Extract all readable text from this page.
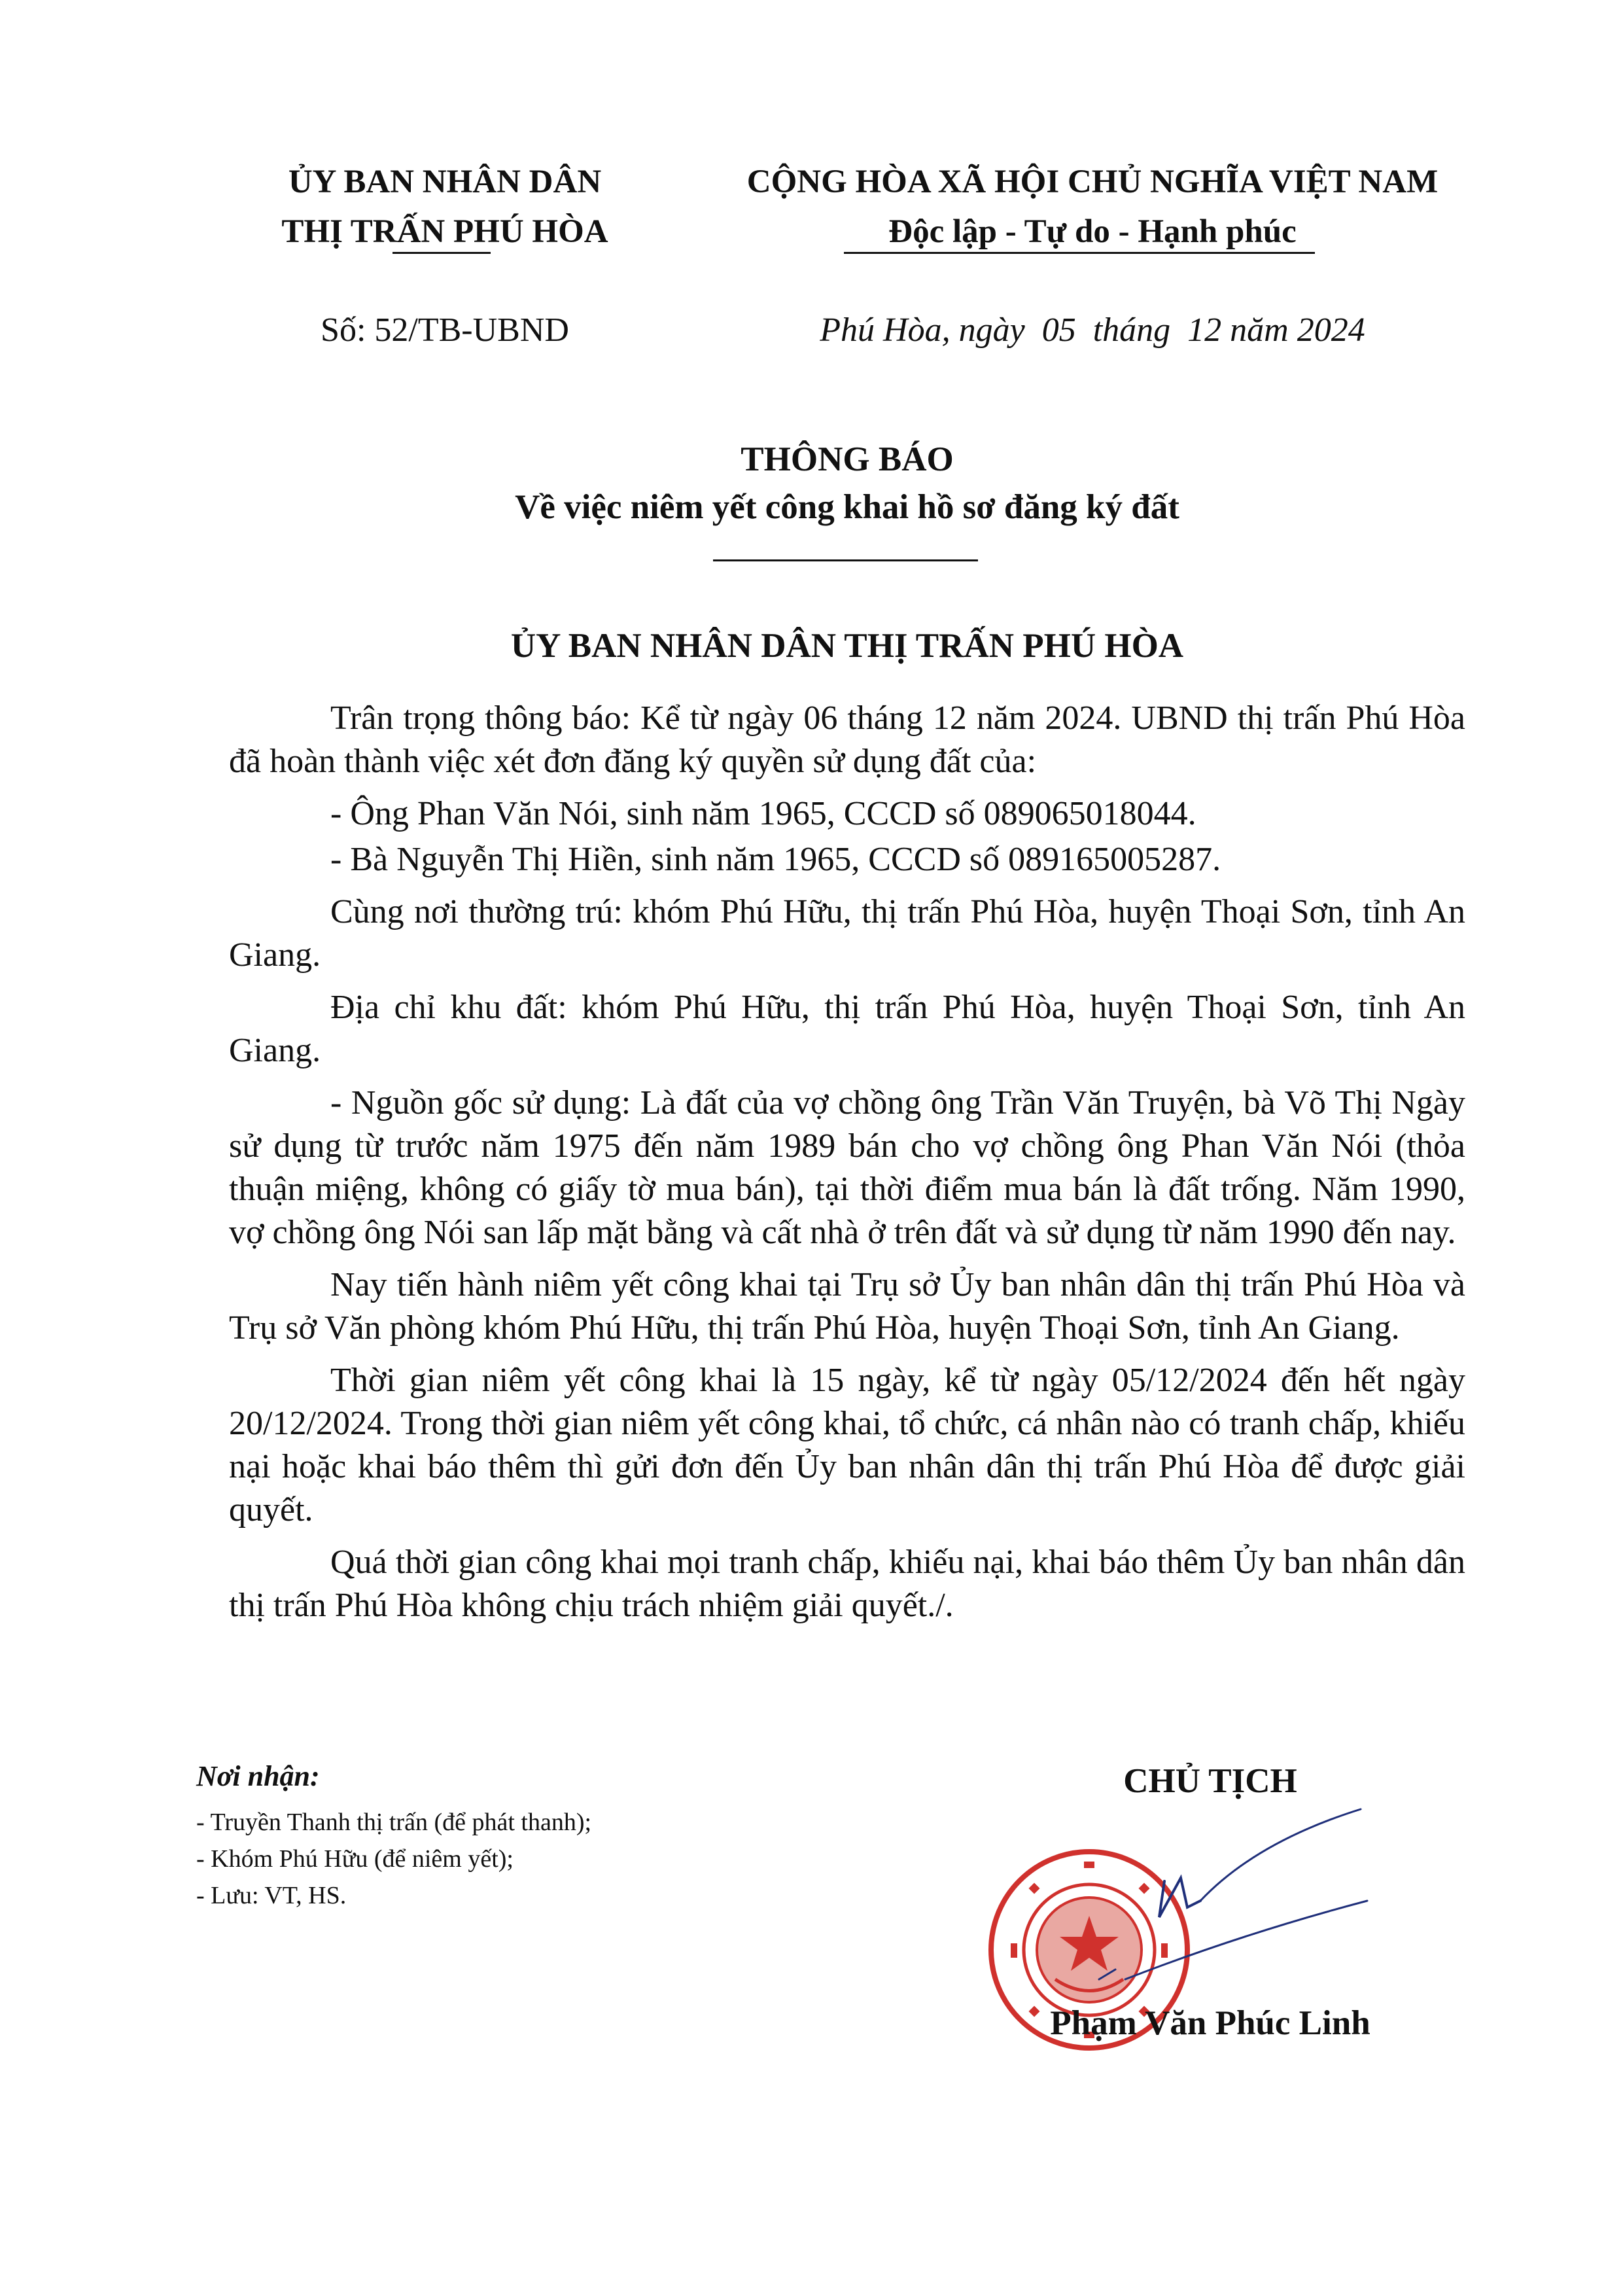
ỦY BAN NHÂN DÂN
THỊ TRẤN PHÚ HÒA
CỘNG HÒA XÃ HỘI CHỦ NGHĨA VIỆT NAM
Độc lập - Tự do - Hạnh phúc
Số: 52/TB-UBND	Phú Hòa, ngày  05  tháng  12 năm 2024
THÔNG BÁO
Về việc niêm yết công khai hồ sơ đăng ký đất
ỦY BAN NHÂN DÂN THỊ TRẤN PHÚ HÒA

Trân trọng thông báo: Kể từ ngày 06 tháng 12 năm 2024. UBND thị trấn Phú Hòa đã hoàn thành việc xét đơn đăng ký quyền sử dụng đất của:

- Ông Phan Văn Nói, sinh năm 1965, CCCD số 089065018044.

- Bà Nguyễn Thị Hiền, sinh năm 1965, CCCD số 089165005287.

Cùng nơi thường trú: khóm Phú Hữu, thị trấn Phú Hòa, huyện Thoại Sơn, tỉnh An Giang.

Địa chỉ khu đất: khóm Phú Hữu, thị trấn Phú Hòa, huyện Thoại Sơn, tỉnh An Giang.

- Nguồn gốc sử dụng: Là đất của vợ chồng ông Trần Văn Truyện, bà Võ Thị Ngày sử dụng từ trước năm 1975 đến năm 1989 bán cho vợ chồng ông Phan Văn Nói (thỏa thuận miệng, không có giấy tờ mua bán), tại thời điểm mua bán là đất trống. Năm 1990, vợ chồng ông Nói san lấp mặt bằng và cất nhà ở trên đất và sử dụng từ năm 1990 đến nay.

Nay tiến hành niêm yết công khai tại Trụ sở Ủy ban nhân dân thị trấn Phú Hòa và Trụ sở Văn phòng khóm Phú Hữu, thị trấn Phú Hòa, huyện Thoại Sơn, tỉnh An Giang.

Thời gian niêm yết công khai là 15 ngày, kể từ ngày 05/12/2024 đến hết ngày 20/12/2024. Trong thời gian niêm yết công khai, tổ chức, cá nhân nào có tranh chấp, khiếu nại hoặc khai báo thêm thì gửi đơn đến Ủy ban nhân dân thị trấn Phú Hòa để được giải quyết.

Quá thời gian công khai mọi tranh chấp, khiếu nại, khai báo thêm Ủy ban nhân dân thị trấn Phú Hòa không chịu trách nhiệm giải quyết./.

Nơi nhận:
- Truyền Thanh thị trấn (để phát thanh);
- Khóm Phú Hữu (để niêm yết);
- Lưu: VT, HS.
CHỦ TỊCH
Phạm Văn Phúc Linh
